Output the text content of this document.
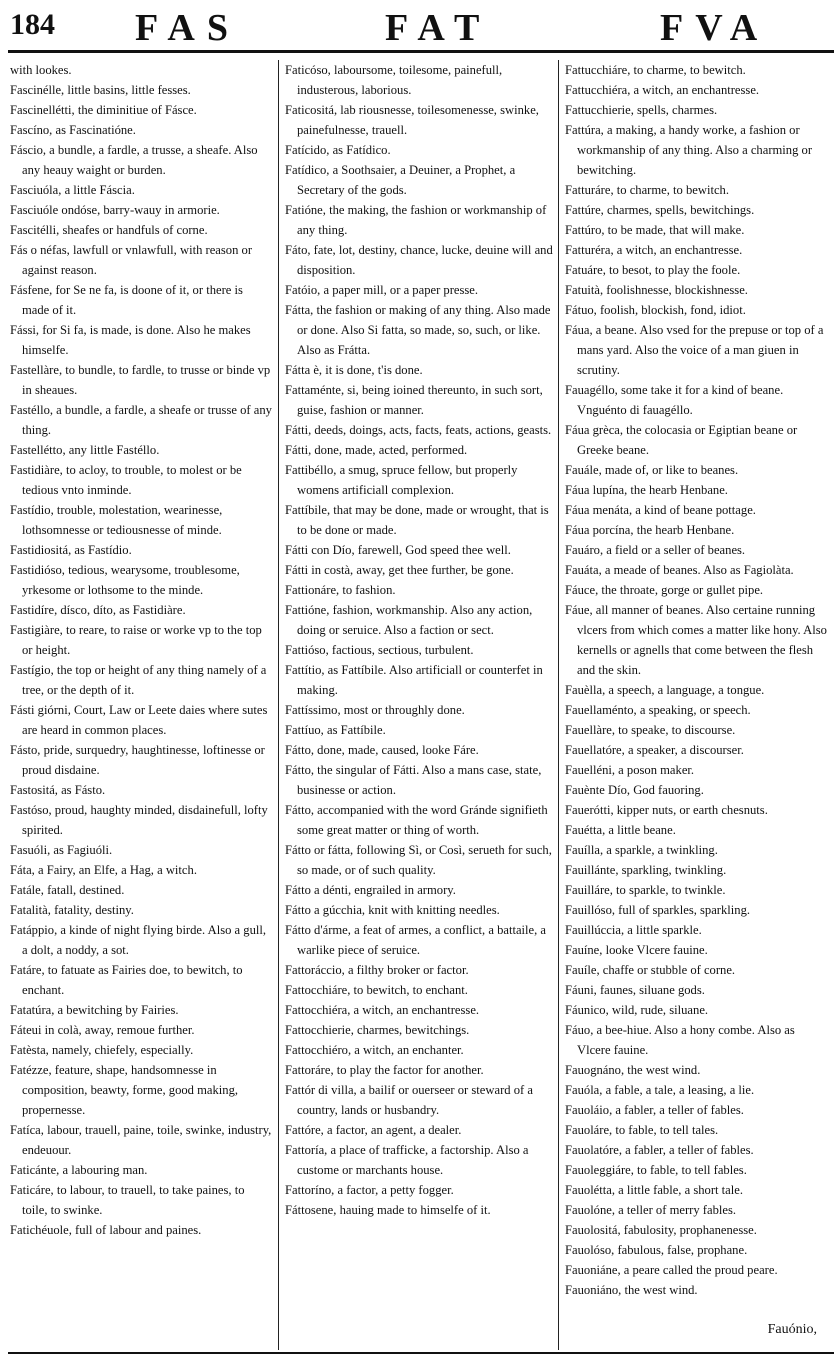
184 FAS	FAT	FVA

with lookes.

Fascinélle, little basins, little fesses.

Fascinellétti, the diminitiue of Fásce.

Fascíno, as Fascinatióne.

Fáscio, a bundle, a fardle, a trusse, a sheafe. Also any heauy waight or burden.

Fasciuóla, a little Fáscia.

Fasciuóle ondóse, barry-wauy in armorie.

Fascitélli, sheafes or handfuls of corne.

Fás o néfas, lawfull or vnlawfull, with reason or against reason.

Fásfene, for Se ne fa, is doone of it, or there is made of it.

Fássi, for Si fa, is made, is done. Also he makes himselfe.

Fastellàre, to bundle, to fardle, to trusse or binde vp in sheaues.

Fastéllo, a bundle, a fardle, a sheafe or trusse of any thing.

Fastellétto, any little Fastéllo.

Fastidiàre, to acloy, to trouble, to molest or be tedious vnto inminde.

Fastídio, trouble, molestation, wearinesse, lothsomnesse or tediousnesse of minde.

Fastidiositá, as Fastídio.

Fastidióso, tedious, wearysome, troublesome, yrkesome or lothsome to the minde.

Fastidíre, dísco, díto, as Fastidiàre.

Fastigiàre, to reare, to raise or worke vp to the top or height.

Fastígio, the top or height of any thing namely of a tree, or the depth of it.

Fásti giórni, Court, Law or Leete daies where sutes are heard in common places.

Fásto, pride, surquedry, haughtinesse, loftinesse or proud disdaine.

Fastositá, as Fásto.

Fastóso, proud, haughty minded, disdainefull, lofty spirited.

Fasuóli, as Fagiuóli.

Fáta, a Fairy, an Elfe, a Hag, a witch.

Fatále, fatall, destined.

Fatalità, fatality, destiny.

Fatáppio, a kinde of night flying birde. Also a gull, a dolt, a noddy, a sot.

Fatáre, to fatuate as Fairies doe, to bewitch, to enchant.

Fatatúra, a bewitching by Fairies.

Fáteui in colà, away, remoue further.

Fatèsta, namely, chiefely, especially.

Fatézze, feature, shape, handsomnesse in composition, beawty, forme, good making, propernesse.

Fatíca, labour, trauell, paine, toile, swinke, industry, endeuour.

Faticánte, a labouring man.

Faticáre, to labour, to trauell, to take paines, to toile, to swinke.

Fatichéuole, full of labour and paines.

Faticóso, laboursome, toilesome, painefull, industerous, laborious.

Faticositá, lab riousnesse, toilesomenesse, swinke, painefulnesse, trauell.

Fatícido, as Fatídico.

Fatídico, a Soothsaier, a Deuiner, a Prophet, a Secretary of the gods.

Fatióne, the making, the fashion or workmanship of any thing.

Fáto, fate, lot, destiny, chance, lucke, deuine will and disposition.

Fatóio, a paper mill, or a paper presse.

Fátta, the fashion or making of any thing. Also made or done. Also Si fatta, so made, so, such, or like. Also as Frátta.

Fátta è, it is done, t'is done.

Fattaménte, si, being ioined thereunto, in such sort, guise, fashion or manner.

Fátti, deeds, doings, acts, facts, feats, actions, geasts.

Fátti, done, made, acted, performed.

Fattibéllo, a smug, spruce fellow, but properly womens artificiall complexion.

Fattíbile, that may be done, made or wrought, that is to be done or made.

Fátti con Dío, farewell, God speed thee well.

Fátti in costà, away, get thee further, be gone.

Fattionáre, to fashion.

Fattióne, fashion, workmanship. Also any action, doing or seruice. Also a faction or sect.

Fattióso, factious, sectious, turbulent.

Fattítio, as Fattíbile. Also artificiall or counterfet in making.

Fattíssimo, most or throughly done.

Fattíuo, as Fattíbile.

Fátto, done, made, caused, looke Fáre.

Fátto, the singular of Fátti. Also a mans case, state, businesse or action.

Fátto, accompanied with the word Gránde signifieth some great matter or thing of worth.

Fátto or fátta, following Sì, or Così, serueth for such, so made, or of such quality.

Fátto a dénti, engrailed in armory.

Fátto a gúcchia, knit with knitting needles.

Fátto d'árme, a feat of armes, a conflict, a battaile, a warlike piece of seruice.

Fattoráccio, a filthy broker or factor.

Fattocchiáre, to bewitch, to enchant.

Fattocchiéra, a witch, an enchantresse.

Fattocchierie, charmes, bewitchings.

Fattocchiéro, a witch, an enchanter.

Fattoráre, to play the factor for another.

Fattór di villa, a bailif or ouerseer or steward of a country, lands or husbandry.

Fattóre, a factor, an agent, a dealer.

Fattoría, a place of trafficke, a factorship. Also a custome or marchants house.

Fattoríno, a factor, a petty fogger.

Fáttosene, hauing made to himselfe of it.

Fattucchiáre, to charme, to bewitch.

Fattucchiéra, a witch, an enchantresse.

Fattucchierie, spells, charmes.

Fattúra, a making, a handy worke, a fashion or workmanship of any thing. Also a charming or bewitching.

Fatturáre, to charme, to bewitch.

Fattúre, charmes, spells, bewitchings.

Fattúro, to be made, that will make.

Fatturéra, a witch, an enchantresse.

Fatuáre, to besot, to play the foole.

Fatuità, foolishnesse, blockishnesse.

Fátuo, foolish, blockish, fond, idiot.

Fáua, a beane. Also vsed for the prepuse or top of a mans yard. Also the voice of a man giuen in scrutiny.

Fauagéllo, some take it for a kind of beane. Vnguénto di fauagéllo.

Fáua grèca, the colocasia or Egiptian beane or Greeke beane.

Fauále, made of, or like to beanes.

Fáua lupína, the hearb Henbane.

Fáua menáta, a kind of beane pottage.

Fáua porcína, the hearb Henbane.

Fauáro, a field or a seller of beanes.

Fauáta, a meade of beanes. Also as Fagiolàta.

Fáuce, the throate, gorge or gullet pipe.

Fáue, all manner of beanes. Also certaine running vlcers from which comes a matter like hony. Also kernells or agnells that come between the flesh and the skin.

Fauèlla, a speech, a language, a tongue.

Fauellaménto, a speaking, or speech.

Fauellàre, to speake, to discourse.

Fauellatóre, a speaker, a discourser.

Fauelléni, a poson maker.

Fauènte Dío, God fauoring.

Fauerótti, kipper nuts, or earth chesnuts.

Fauétta, a little beane.

Fauílla, a sparkle, a twinkling.

Fauillánte, sparkling, twinkling.

Fauilláre, to sparkle, to twinkle.

Fauillóso, full of sparkles, sparkling.

Fauillúccia, a little sparkle.

Fauíne, looke Vlcere fauine.

Fauíle, chaffe or stubble of corne.

Fáuni, faunes, siluane gods.

Fáunico, wild, rude, siluane.

Fáuo, a bee-hiue. Also a hony combe. Also as Vlcere fauine.

Fauognáno, the west wind.

Fauóla, a fable, a tale, a leasing, a lie.

Fauoláio, a fabler, a teller of fables.

Fauoláre, to fable, to tell tales.

Fauolatóre, a fabler, a teller of fables.

Fauoleggiáre, to fable, to tell fables.

Fauolétta, a little fable, a short tale.

Fauolóne, a teller of merry fables.

Fauolositá, fabulosity, prophanenesse.

Fauolóso, fabulous, false, prophane.

Fauoniáne, a peare called the proud peare.

Fauoniáno, the west wind.

Fauónio,
